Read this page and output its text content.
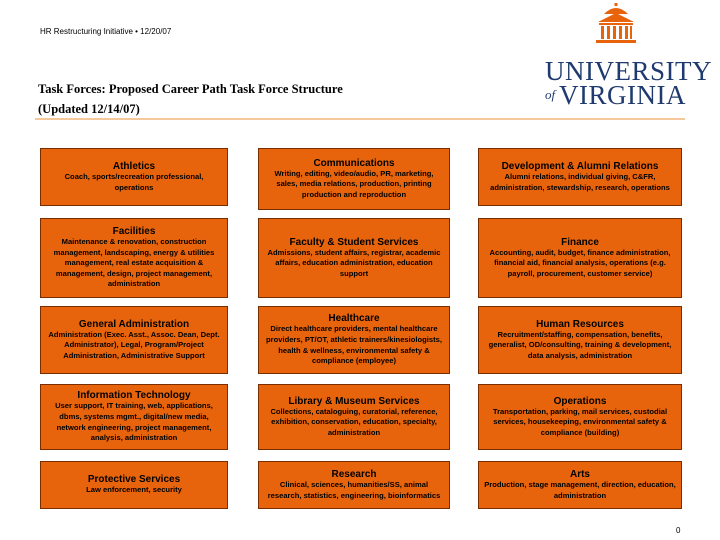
HR Restructuring Initiative • 12/20/07
Task Forces: Proposed Career Path Task Force Structure
(Updated 12/14/07)
UNIVERSITY
of VIRGINIA
Athletics
Coach, sports/recreation professional, operations
Communications
Writing, editing, video/audio, PR, marketing, sales, media relations, production, printing production and reproduction
Development & Alumni Relations
Alumni relations, individual giving, C&FR, administration, stewardship, research, operations
Facilities
Maintenance & renovation, construction management, landscaping, energy & utilities management, real estate acquisition & management, design, project management, administration
Faculty & Student Services
Admissions, student affairs, registrar, academic affairs, education administration, education support
Finance
Accounting, audit, budget, finance administration, financial aid, financial analysis, operations (e.g. payroll, procurement, customer service)
General Administration
Administration (Exec. Asst., Assoc. Dean, Dept. Administrator), Legal, Program/Project Administration, Administrative Support
Healthcare
Direct healthcare providers, mental healthcare providers, PT/OT, athletic trainers/kinesiologists, health & wellness, environmental safety & compliance (employee)
Human Resources
Recruitment/staffing, compensation, benefits, generalist, OD/consulting, training & development, data analysis, administration
Information Technology
User support, IT training, web, applications, dbms, systems mgmt., digital/new media, network engineering, project management, analysis, administration
Library & Museum Services
Collections, cataloguing, curatorial, reference, exhibition, conservation, education, specialty, administration
Operations
Transportation, parking, mail services, custodial services, housekeeping, environmental safety & compliance (building)
Protective Services
Law enforcement, security
Research
Clinical, sciences, humanities/SS, animal research, statistics, engineering, bioinformatics
Arts
Production, stage management, direction, education, administration
0
